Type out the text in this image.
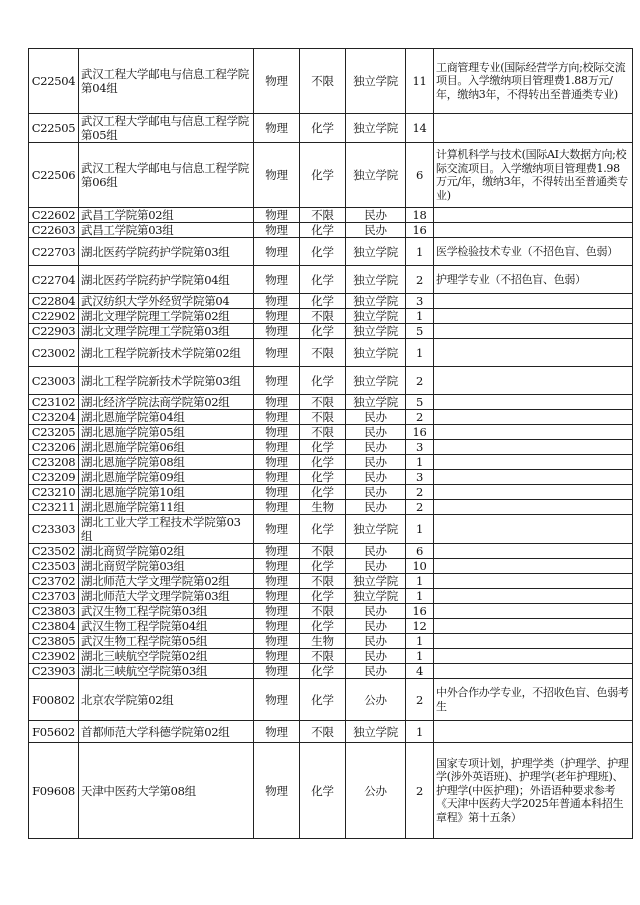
C22504	武汉工程大学邮电与信息工程学院第04组	物理	不限	独立学院	11	工商管理专业(国际经营学方向;校际交流项目。入学缴纳项目管理费1.88万元/年，缴纳3年，不得转出至普通类专业)
C22505	武汉工程大学邮电与信息工程学院第05组	物理	化学	独立学院	14	
C22506	武汉工程大学邮电与信息工程学院第06组	物理	化学	独立学院	6	计算机科学与技术(国际AI大数据方向;校际交流项目。入学缴纳项目管理费1.98万元/年，缴纳3年，不得转出至普通类专业)
C22602	武昌工学院第02组	物理	不限	民办	18	
C22603	武昌工学院第03组	物理	化学	民办	16	
C22703	湖北医药学院药护学院第03组	物理	化学	独立学院	1	医学检验技术专业（不招色盲、色弱）
C22704	湖北医药学院药护学院第04组	物理	化学	独立学院	2	护理学专业（不招色盲、色弱）
C22804	武汉纺织大学外经贸学院第04	物理	化学	独立学院	3	
C22902	湖北文理学院理工学院第02组	物理	不限	独立学院	1	
C22903	湖北文理学院理工学院第03组	物理	化学	独立学院	5	
C23002	湖北工程学院新技术学院第02组	物理	不限	独立学院	1	
C23003	湖北工程学院新技术学院第03组	物理	化学	独立学院	2	
C23102	湖北经济学院法商学院第02组	物理	不限	独立学院	5	
C23204	湖北恩施学院第04组	物理	不限	民办	2	
C23205	湖北恩施学院第05组	物理	不限	民办	16	
C23206	湖北恩施学院第06组	物理	化学	民办	3	
C23208	湖北恩施学院第08组	物理	化学	民办	1	
C23209	湖北恩施学院第09组	物理	化学	民办	3	
C23210	湖北恩施学院第10组	物理	化学	民办	2	
C23211	湖北恩施学院第11组	物理	生物	民办	2	
C23303	湖北工业大学工程技术学院第03组	物理	化学	独立学院	1	
C23502	湖北商贸学院第02组	物理	不限	民办	6	
C23503	湖北商贸学院第03组	物理	化学	民办	10	
C23702	湖北师范大学文理学院第02组	物理	不限	独立学院	1	
C23703	湖北师范大学文理学院第03组	物理	化学	独立学院	1	
C23803	武汉生物工程学院第03组	物理	不限	民办	16	
C23804	武汉生物工程学院第04组	物理	化学	民办	12	
C23805	武汉生物工程学院第05组	物理	生物	民办	1	
C23902	湖北三峡航空学院第02组	物理	不限	民办	1	
C23903	湖北三峡航空学院第03组	物理	化学	民办	4	
F00802	北京农学院第02组	物理	化学	公办	2	中外合作办学专业，不招收色盲、色弱考生
F05602	首都师范大学科德学院第02组	物理	不限	独立学院	1	
F09608	天津中医药大学第08组	物理	化学	公办	2	国家专项计划，护理学类（护理学、护理学(涉外英语班)、护理学(老年护理班)、护理学(中医护理)；外语语种要求参考《天津中医药大学2025年普通本科招生章程》第十五条）
